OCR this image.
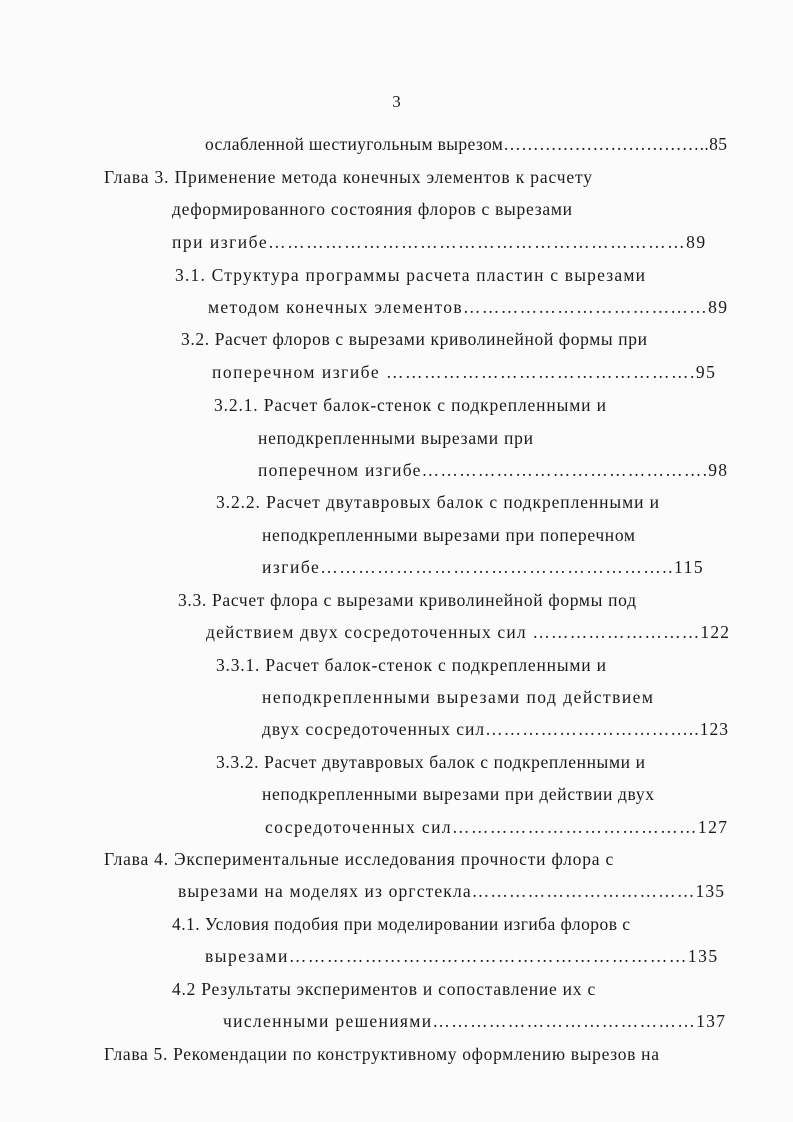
3
ослабленной шестиугольным вырезом……………………………..85
Глава 3. Применение метода конечных элементов к расчету
деформированного состояния флоров с вырезами
при изгибе…………………………………………………………89
3.1. Структура программы расчета пластин с вырезами
методом конечных элементов…………………………………89
3.2. Расчет флоров с вырезами криволинейной формы при
поперечном изгибе ………………………………………….95
3.2.1. Расчет балок-стенок с подкрепленными и
неподкрепленными вырезами при
поперечном изгибе……………………………………….98
3.2.2. Расчет двутавровых балок с подкрепленными и
неподкрепленными вырезами при поперечном
изгибе………………………………………………..115
3.3. Расчет флора с вырезами криволинейной формы под
действием двух сосредоточенных сил ………………………122
3.3.1. Расчет балок-стенок с подкрепленными и
неподкрепленными вырезами под действием
двух сосредоточенных сил……………………………..123
3.3.2. Расчет двутавровых балок с подкрепленными и
неподкрепленными вырезами при действии двух
сосредоточенных сил…………………………………127
Глава 4. Экспериментальные исследования прочности флора с
вырезами на моделях из оргстекла………………………………135
4.1. Условия подобия при моделировании изгиба флоров с
вырезами………………………………………………………135
4.2 Результаты экспериментов и сопоставление их с
численными решениями……………………………………137
Глава 5. Рекомендации по конструктивному оформлению вырезов на
